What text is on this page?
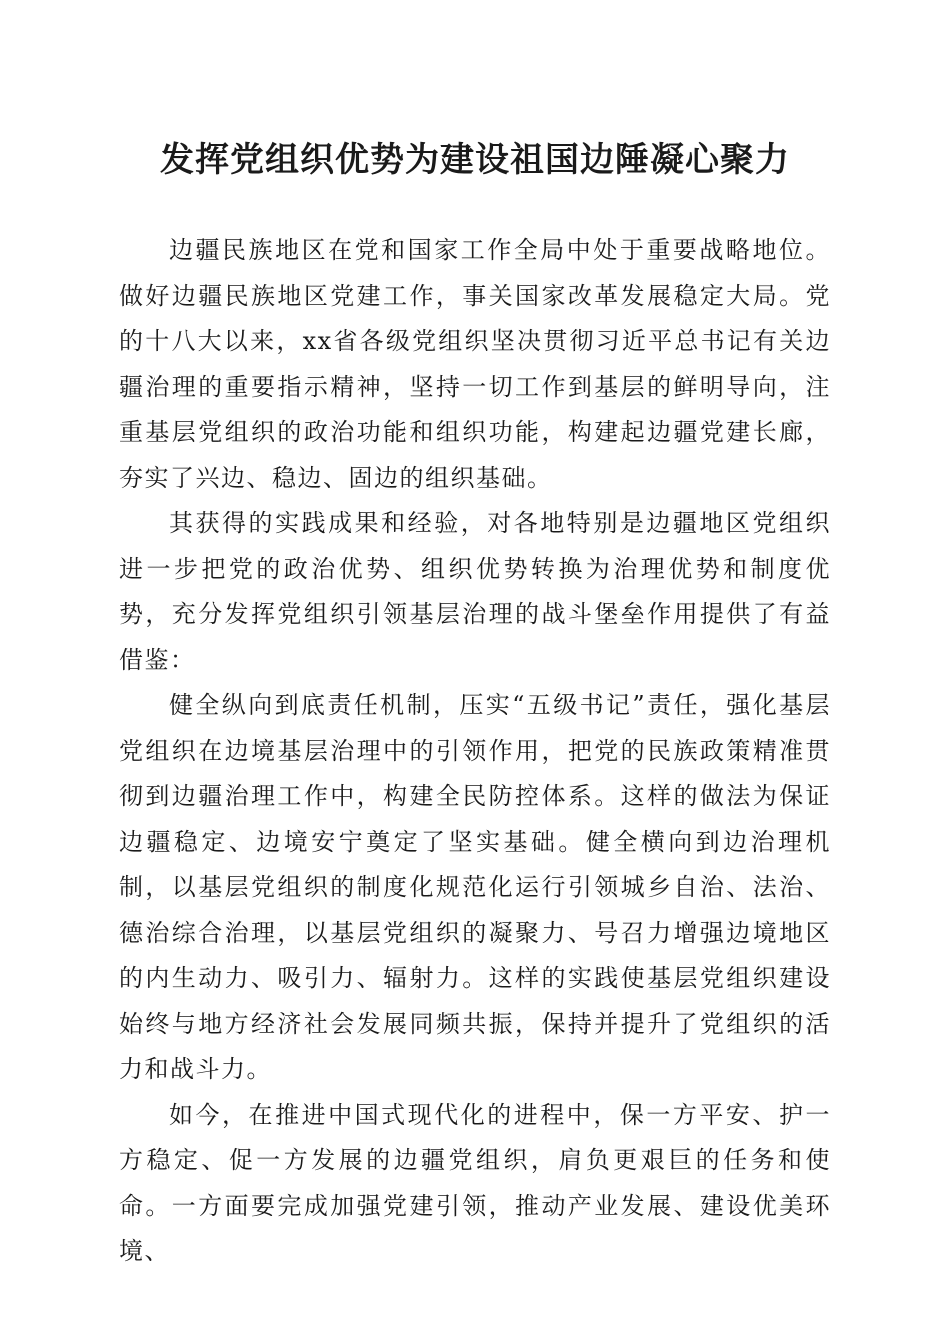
发挥党组织优势为建设祖国边陲凝心聚力

边疆民族地区在党和国家工作全局中处于重要战略地位。做好边疆民族地区党建工作，事关国家改革发展稳定大局。党的十八大以来，xx省各级党组织坚决贯彻习近平总书记有关边疆治理的重要指示精神，坚持一切工作到基层的鲜明导向，注重基层党组织的政治功能和组织功能，构建起边疆党建长廊，夯实了兴边、稳边、固边的组织基础。

其获得的实践成果和经验，对各地特别是边疆地区党组织进一步把党的政治优势、组织优势转换为治理优势和制度优势，充分发挥党组织引领基层治理的战斗堡垒作用提供了有益借鉴：

健全纵向到底责任机制，压实“五级书记”责任，强化基层党组织在边境基层治理中的引领作用，把党的民族政策精准贯彻到边疆治理工作中，构建全民防控体系。这样的做法为保证边疆稳定、边境安宁奠定了坚实基础。健全横向到边治理机制，以基层党组织的制度化规范化运行引领城乡自治、法治、德治综合治理，以基层党组织的凝聚力、号召力增强边境地区的内生动力、吸引力、辐射力。这样的实践使基层党组织建设始终与地方经济社会发展同频共振，保持并提升了党组织的活力和战斗力。

如今，在推进中国式现代化的进程中，保一方平安、护一方稳定、促一方发展的边疆党组织，肩负更艰巨的任务和使命。一方面要完成加强党建引领，推动产业发展、建设优美环境、
